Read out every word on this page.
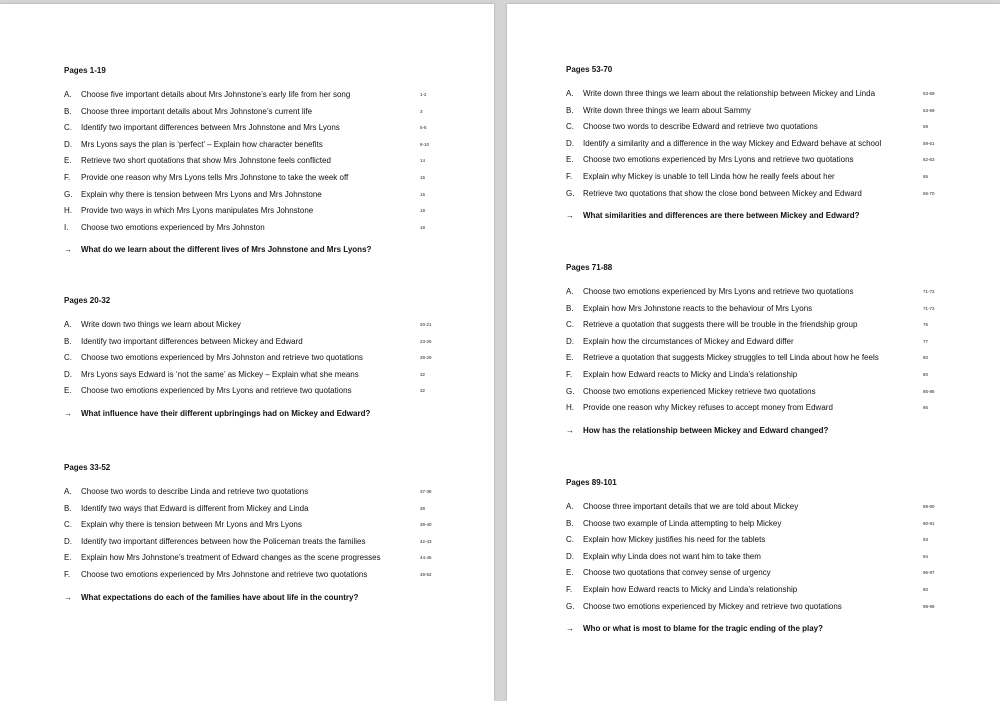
Pages 1-19
A. Choose five important details about Mrs Johnstone’s early life from her song	1-2
B. Choose three important details about Mrs Johnstone’s current life	3
C. Identify two important differences between Mrs Johnstone and Mrs Lyons	5-6
D. Mrs Lyons says the plan is ‘perfect’ – Explain how character benefits	8-10
E. Retrieve two short quotations that show Mrs Johnstone feels conflicted	14
F. Provide one reason why Mrs Lyons tells Mrs Johnstone to take the week off	15
G. Explain why there is tension between Mrs Lyons and Mrs Johnstone	16
H. Provide two ways in which Mrs Lyons manipulates Mrs Johnstone	18
I. Choose two emotions experienced by Mrs Johnston	18
→ What do we learn about the different lives of Mrs Johnstone and Mrs Lyons?
Pages 20-32
A. Write down two things we learn about Mickey	20-21
B. Identify two important differences between Mickey and Edward	23-25
C. Choose two emotions experienced by Mrs Johnston and retrieve two quotations	28-29
D. Mrs Lyons says Edward is ‘not the same’ as Mickey – Explain what she means	32
E. Choose two emotions experienced by Mrs Lyons and retrieve two quotations	32
→ What influence have their different upbringings had on Mickey and Edward?
Pages 33-52
A. Choose two words to describe Linda and retrieve two quotations	37-38
B. Identify two ways that Edward is different from Mickey and Linda	38
C. Explain why there is tension between Mr Lyons and Mrs Lyons	39-40
D. Identify two important differences between how the Policeman treats the families	42-43
E. Explain how Mrs Johnstone’s treatment of Edward changes as the scene progresses	44-46
F. Choose two emotions experienced by Mrs Johnstone and retrieve two quotations	49-52
→ What expectations do each of the families have about life in the country?
Pages 53-70
A. Write down three things we learn about the relationship between Mickey and Linda	53-59
B. Write down three things we learn about Sammy	53-59
C. Choose two words to describe Edward and retrieve two quotations	59
D. Identify a similarity and a difference in the way Mickey and Edward behave at school	59-61
E. Choose two emotions experienced by Mrs Lyons and retrieve two quotations	62-63
F. Explain why Mickey is unable to tell Linda how he really feels about her	65
G. Retrieve two quotations that show the close bond between Mickey and Edward	66-70
→ What similarities and differences are there between Mickey and Edward?
Pages 71-88
A. Choose two emotions experienced by Mrs Lyons and retrieve two quotations	71-72
B. Explain how Mrs Johnstone reacts to the behaviour of Mrs Lyons	71-72
C. Retrieve a quotation that suggests there will be trouble in the friendship group	76
D. Explain how the circumstances of Mickey and Edward differ	77
E. Retrieve a quotation that suggests Mickey struggles to tell Linda about how he feels	80
F. Explain how Edward reacts to Micky and Linda’s relationship	80
G. Choose two emotions experienced Mickey retrieve two quotations	85-86
H. Provide one reason why Mickey refuses to accept money from Edward	86
→ How has the relationship between Mickey and Edward changed?
Pages 89-101
A. Choose three important details that we are told about Mickey	89-90
B. Choose two example of Linda attempting to help Mickey	90-91
C. Explain how Mickey justifies his need for the tablets	93
D. Explain why Linda does not want him to take them	94
E. Choose two quotations that convey sense of urgency	96-97
F. Explain how Edward reacts to Micky and Linda’s relationship	80
G. Choose two emotions experienced by Mickey and retrieve two quotations	98-99
→ Who or what is most to blame for the tragic ending of the play?
